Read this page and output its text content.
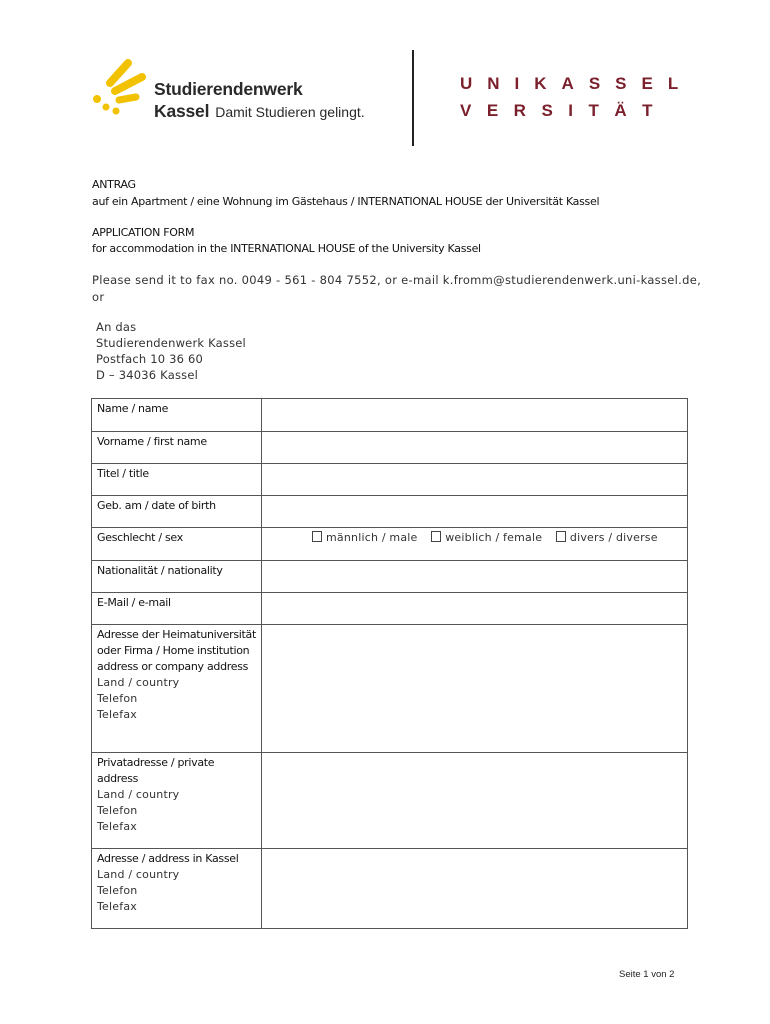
Studierendenwerk
Kassel Damit Studieren gelingt.
UNIKASSEL
VERSITÄT
ANTRAG
auf ein Apartment / eine Wohnung im Gästehaus / INTERNATIONAL HOUSE der Universität Kassel
APPLICATION FORM
for accommodation in the INTERNATIONAL HOUSE of the University Kassel
Please send it to fax no. 0049 - 561 - 804 7552, or e-mail k.fromm@studierendenwerk.uni-kassel.de,
or
An das
Studierendenwerk Kassel
Postfach 10 36 60
D – 34036 Kassel
Name / name	

Vorname / first name	

Titel / title	

Geb. am / date of birth	

Geschlecht / sex	männlich / male weiblich / female divers / diverse

Nationalität / nationality	

E-Mail / e-mail	

Adresse der Heimatuniversität oder Firma / Home institution address or company address
Land / country
Telefon
Telefax	

Privatadresse / private address
Land / country
Telefon
Telefax	

Adresse / address in Kassel
Land / country
Telefon
Telefax	

Seite 1 von 2
